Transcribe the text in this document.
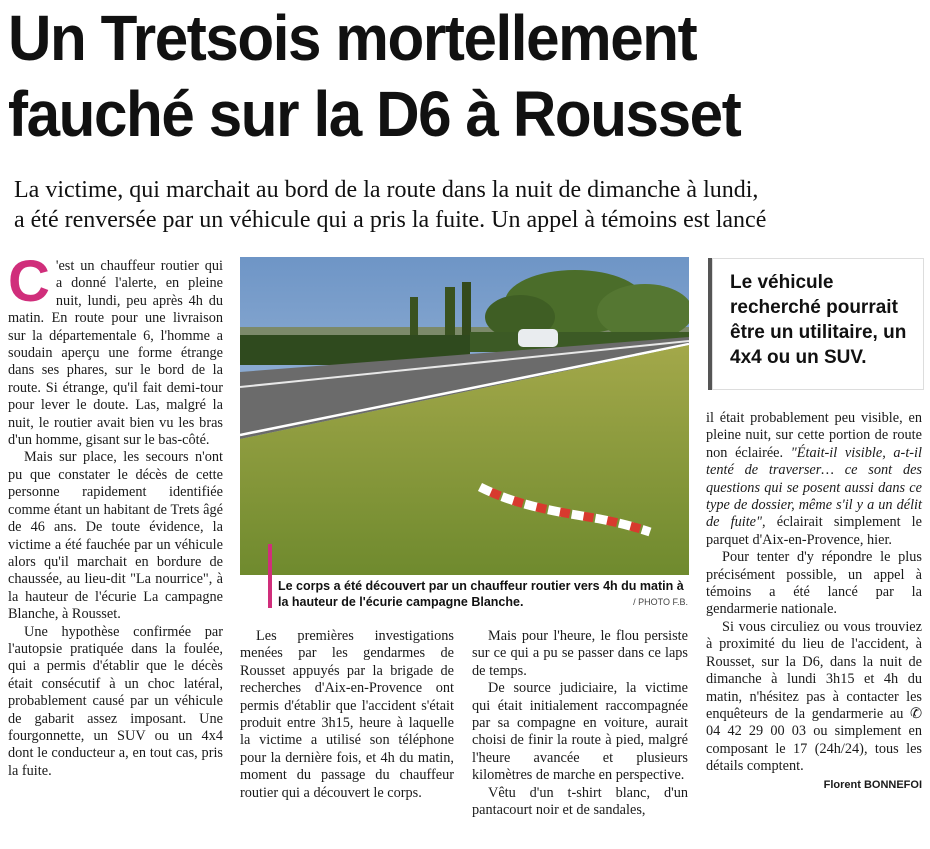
Un Tretsois mortellement
fauché sur la D6 à Rousset
La victime, qui marchait au bord de la route dans la nuit de dimanche à lundi,
a été renversée par un véhicule qui a pris la fuite. Un appel à témoins est lancé

C 'est un chauffeur routier qui a donné l'alerte, en pleine nuit, lundi, peu après 4h du matin. En route pour une livraison sur la départementale 6, l'homme a soudain aperçu une forme étrange dans ses phares, sur le bord de la route. Si étrange, qu'il fait demi-tour pour lever le doute. Las, malgré la nuit, le routier avait bien vu les bras d'un homme, gisant sur le bas-côté.

Mais sur place, les secours n'ont pu que constater le décès de cette personne rapidement identifiée comme étant un habitant de Trets âgé de 46 ans. De toute évidence, la victime a été fauchée par un véhicule alors qu'il marchait en bordure de chaussée, au lieu-dit "La nourrice", à la hauteur de l'écurie La campagne Blanche, à Rousset.

Une hypothèse confirmée par l'autopsie pratiquée dans la foulée, qui a permis d'établir que le décès était consécutif à un choc latéral, probablement causé par un véhicule de gabarit assez imposant. Une fourgonnette, un SUV ou un 4x4 dont le conducteur a, en tout cas, pris la fuite.

Le corps a été découvert par un chauffeur routier vers 4h du matin à la hauteur de l'écurie campagne Blanche.	/ PHOTO F.B.
Le véhicule recherché pourrait être un utilitaire, un 4x4 ou un SUV.

Les premières investigations menées par les gendarmes de Rousset appuyés par la brigade de recherches d'Aix-en-Provence ont permis d'établir que l'accident s'était produit entre 3h15, heure à laquelle la victime a utilisé son téléphone pour la dernière fois, et 4h du matin, moment du passage du chauffeur routier qui a découvert le corps.

Mais pour l'heure, le flou persiste sur ce qui a pu se passer dans ce laps de temps.

De source judiciaire, la victime qui était initialement raccompagnée par sa compagne en voiture, aurait choisi de finir la route à pied, malgré l'heure avancée et plusieurs kilomètres de marche en perspective.

Vêtu d'un t-shirt blanc, d'un pantacourt noir et de sandales,

il était probablement peu visible, en pleine nuit, sur cette portion de route non éclairée. "Était-il visible, a-t-il tenté de traverser… ce sont des questions qui se posent aussi dans ce type de dossier, même s'il y a un délit de fuite", éclairait simplement le parquet d'Aix-en-Provence, hier.

Pour tenter d'y répondre le plus précisément possible, un appel à témoins a été lancé par la gendarmerie nationale.

Si vous circuliez ou vous trouviez à proximité du lieu de l'accident, à Rousset, sur la D6, dans la nuit de dimanche à lundi 3h15 et 4h du matin, n'hésitez pas à contacter les enquêteurs de la gendarmerie au ✆ 04 42 29 00 03 ou simplement en composant le 17 (24h/24), tous les détails comptent.

Florent BONNEFOI
